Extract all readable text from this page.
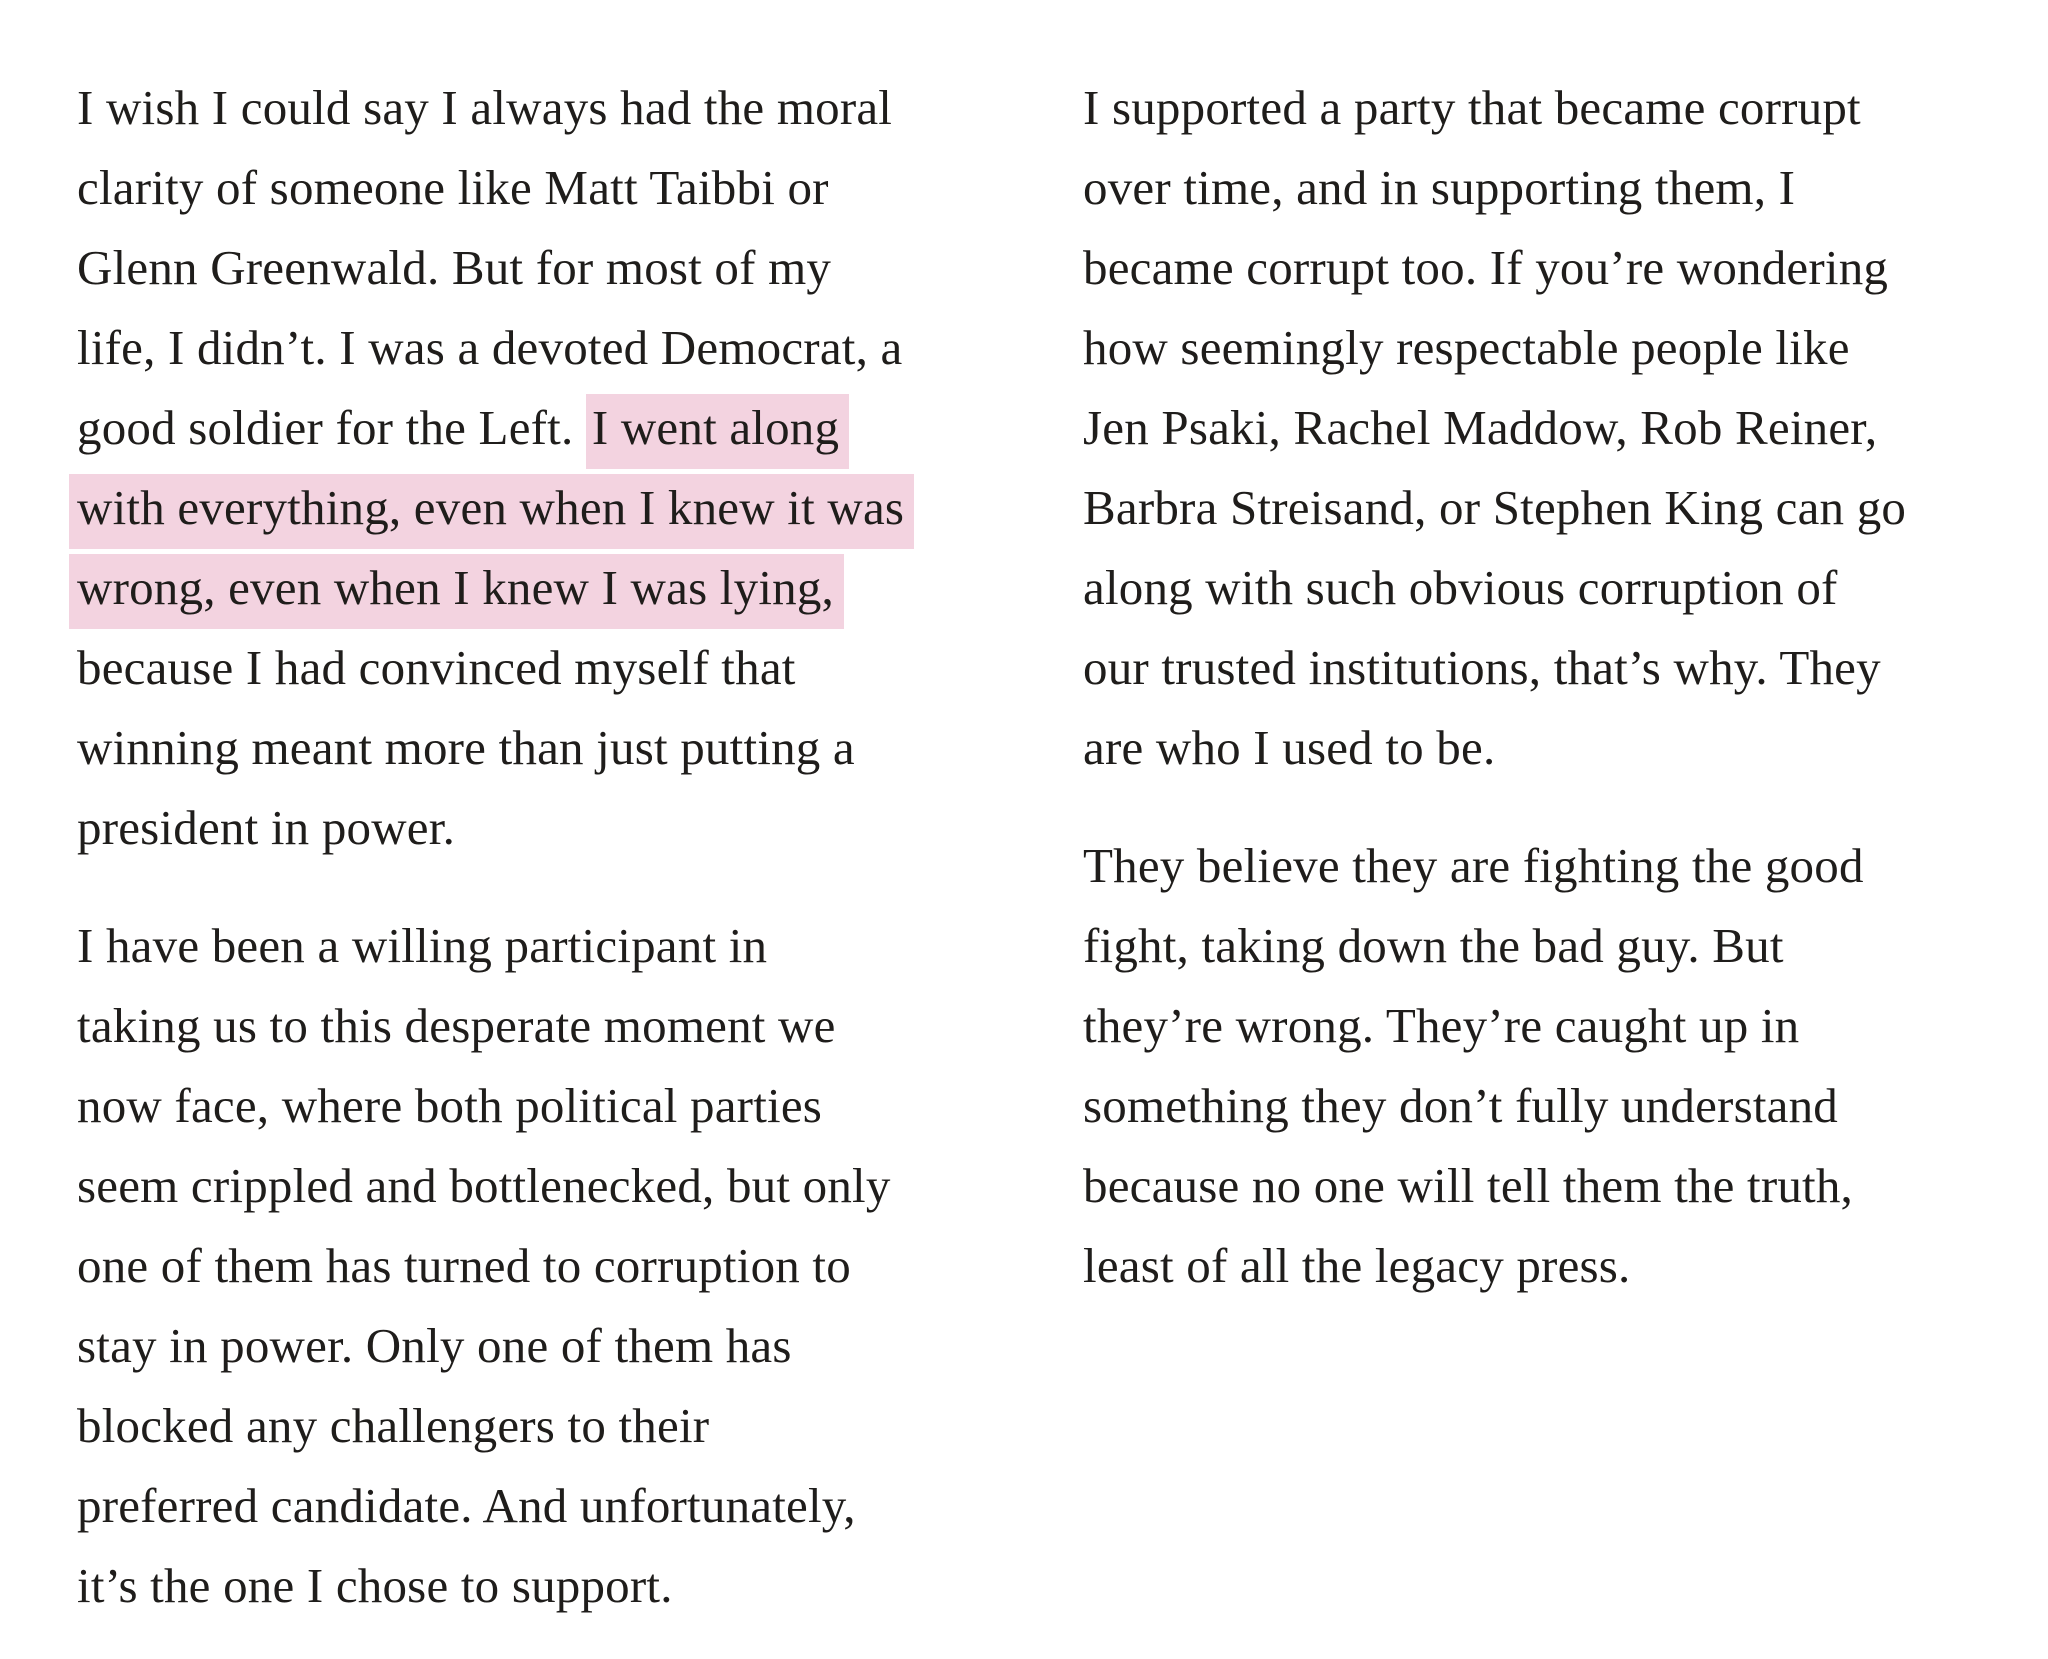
I wish I could say I always had the moral
clarity of someone like Matt Taibbi or
Glenn Greenwald. But for most of my
life, I didn’t. I was a devoted Democrat, a
good soldier for the Left. I went along
with everything, even when I knew it was
wrong, even when I knew I was lying,
because I had convinced myself that
winning meant more than just putting a
president in power.
I have been a willing participant in
taking us to this desperate moment we
now face, where both political parties
seem crippled and bottlenecked, but only
one of them has turned to corruption to
stay in power. Only one of them has
blocked any challengers to their
preferred candidate. And unfortunately,
it’s the one I chose to support.
I supported a party that became corrupt
over time, and in supporting them, I
became corrupt too. If you’re wondering
how seemingly respectable people like
Jen Psaki, Rachel Maddow, Rob Reiner,
Barbra Streisand, or Stephen King can go
along with such obvious corruption of
our trusted institutions, that’s why. They
are who I used to be.
They believe they are fighting the good
fight, taking down the bad guy. But
they’re wrong. They’re caught up in
something they don’t fully understand
because no one will tell them the truth,
least of all the legacy press.
